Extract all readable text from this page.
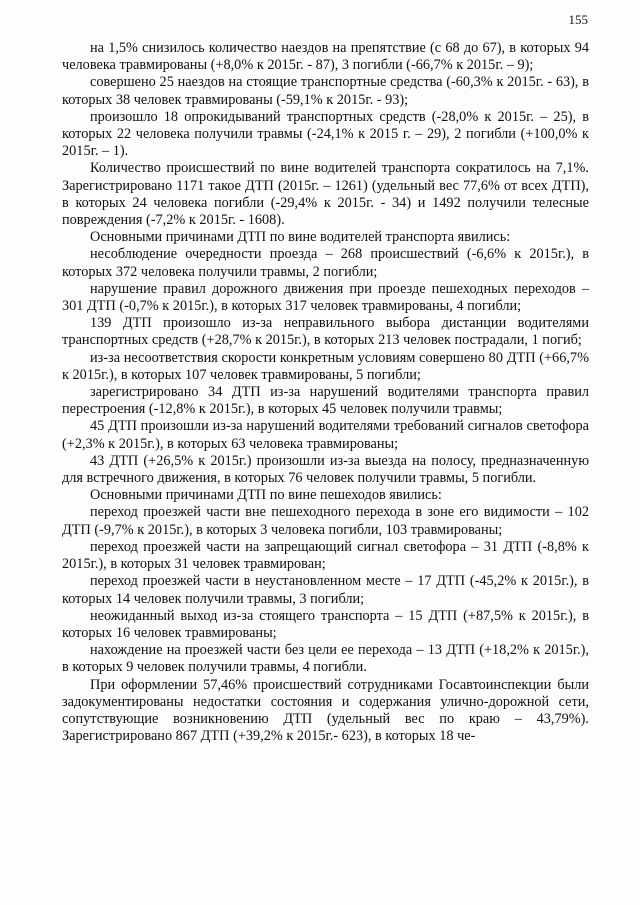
155

на 1,5% снизилось количество наездов на препятствие (с 68 до 67), в которых 94 человека травмированы (+8,0% к 2015г. - 87), 3 погибли (-66,7% к 2015г. – 9);

совершено 25 наездов на стоящие транспортные средства (-60,3% к 2015г. - 63), в которых 38 человек травмированы (-59,1% к 2015г. - 93);

произошло 18 опрокидываний транспортных средств (-28,0% к 2015г. – 25), в которых 22 человека получили травмы (-24,1% к 2015 г. – 29), 2 погибли (+100,0% к 2015г. – 1).

Количество происшествий по вине водителей транспорта сократилось на 7,1%. Зарегистрировано 1171 такое ДТП (2015г. – 1261) (удельный вес 77,6% от всех ДТП), в которых 24 человека погибли (-29,4% к 2015г. - 34) и 1492 получили телесные повреждения (-7,2% к 2015г. - 1608).

Основными причинами ДТП по вине водителей транспорта явились:

несоблюдение очередности проезда – 268 происшествий (-6,6% к 2015г.), в которых 372 человека получили травмы, 2 погибли;

нарушение правил дорожного движения при проезде пешеходных переходов – 301 ДТП (-0,7% к 2015г.), в которых 317 человек травмированы, 4 погибли;

139 ДТП произошло из-за неправильного выбора дистанции водителями транспортных средств (+28,7% к 2015г.), в которых 213 человек пострадали, 1 погиб;

из-за несоответствия скорости конкретным условиям совершено 80 ДТП (+66,7% к 2015г.), в которых 107 человек травмированы, 5 погибли;

зарегистрировано 34 ДТП из-за нарушений водителями транспорта правил перестроения (-12,8% к 2015г.), в которых 45 человек получили травмы;

45 ДТП произошли из-за нарушений водителями требований сигналов светофора (+2,3% к 2015г.), в которых 63 человека травмированы;

43 ДТП (+26,5% к 2015г.) произошли из-за выезда на полосу, предназначенную для встречного движения, в которых 76 человек получили травмы, 5 погибли.

Основными причинами ДТП по вине пешеходов явились:

переход проезжей части вне пешеходного перехода в зоне его видимости – 102 ДТП (-9,7% к 2015г.), в которых 3 человека погибли, 103 травмированы;

переход проезжей части на запрещающий сигнал светофора – 31 ДТП (-8,8% к 2015г.), в которых 31 человек травмирован;

переход проезжей части в неустановленном месте – 17 ДТП (-45,2% к 2015г.), в которых 14 человек получили травмы, 3 погибли;

неожиданный выход из-за стоящего транспорта – 15 ДТП (+87,5% к 2015г.), в которых 16 человек травмированы;

нахождение на проезжей части без цели ее перехода – 13 ДТП (+18,2% к 2015г.), в которых 9 человек получили травмы, 4 погибли.

При оформлении 57,46% происшествий сотрудниками Госавтоинспекции были задокументированы недостатки состояния и содержания улично-дорожной сети, сопутствующие возникновению ДТП (удельный вес по краю – 43,79%). Зарегистрировано 867 ДТП (+39,2% к 2015г.- 623), в которых 18 че-
